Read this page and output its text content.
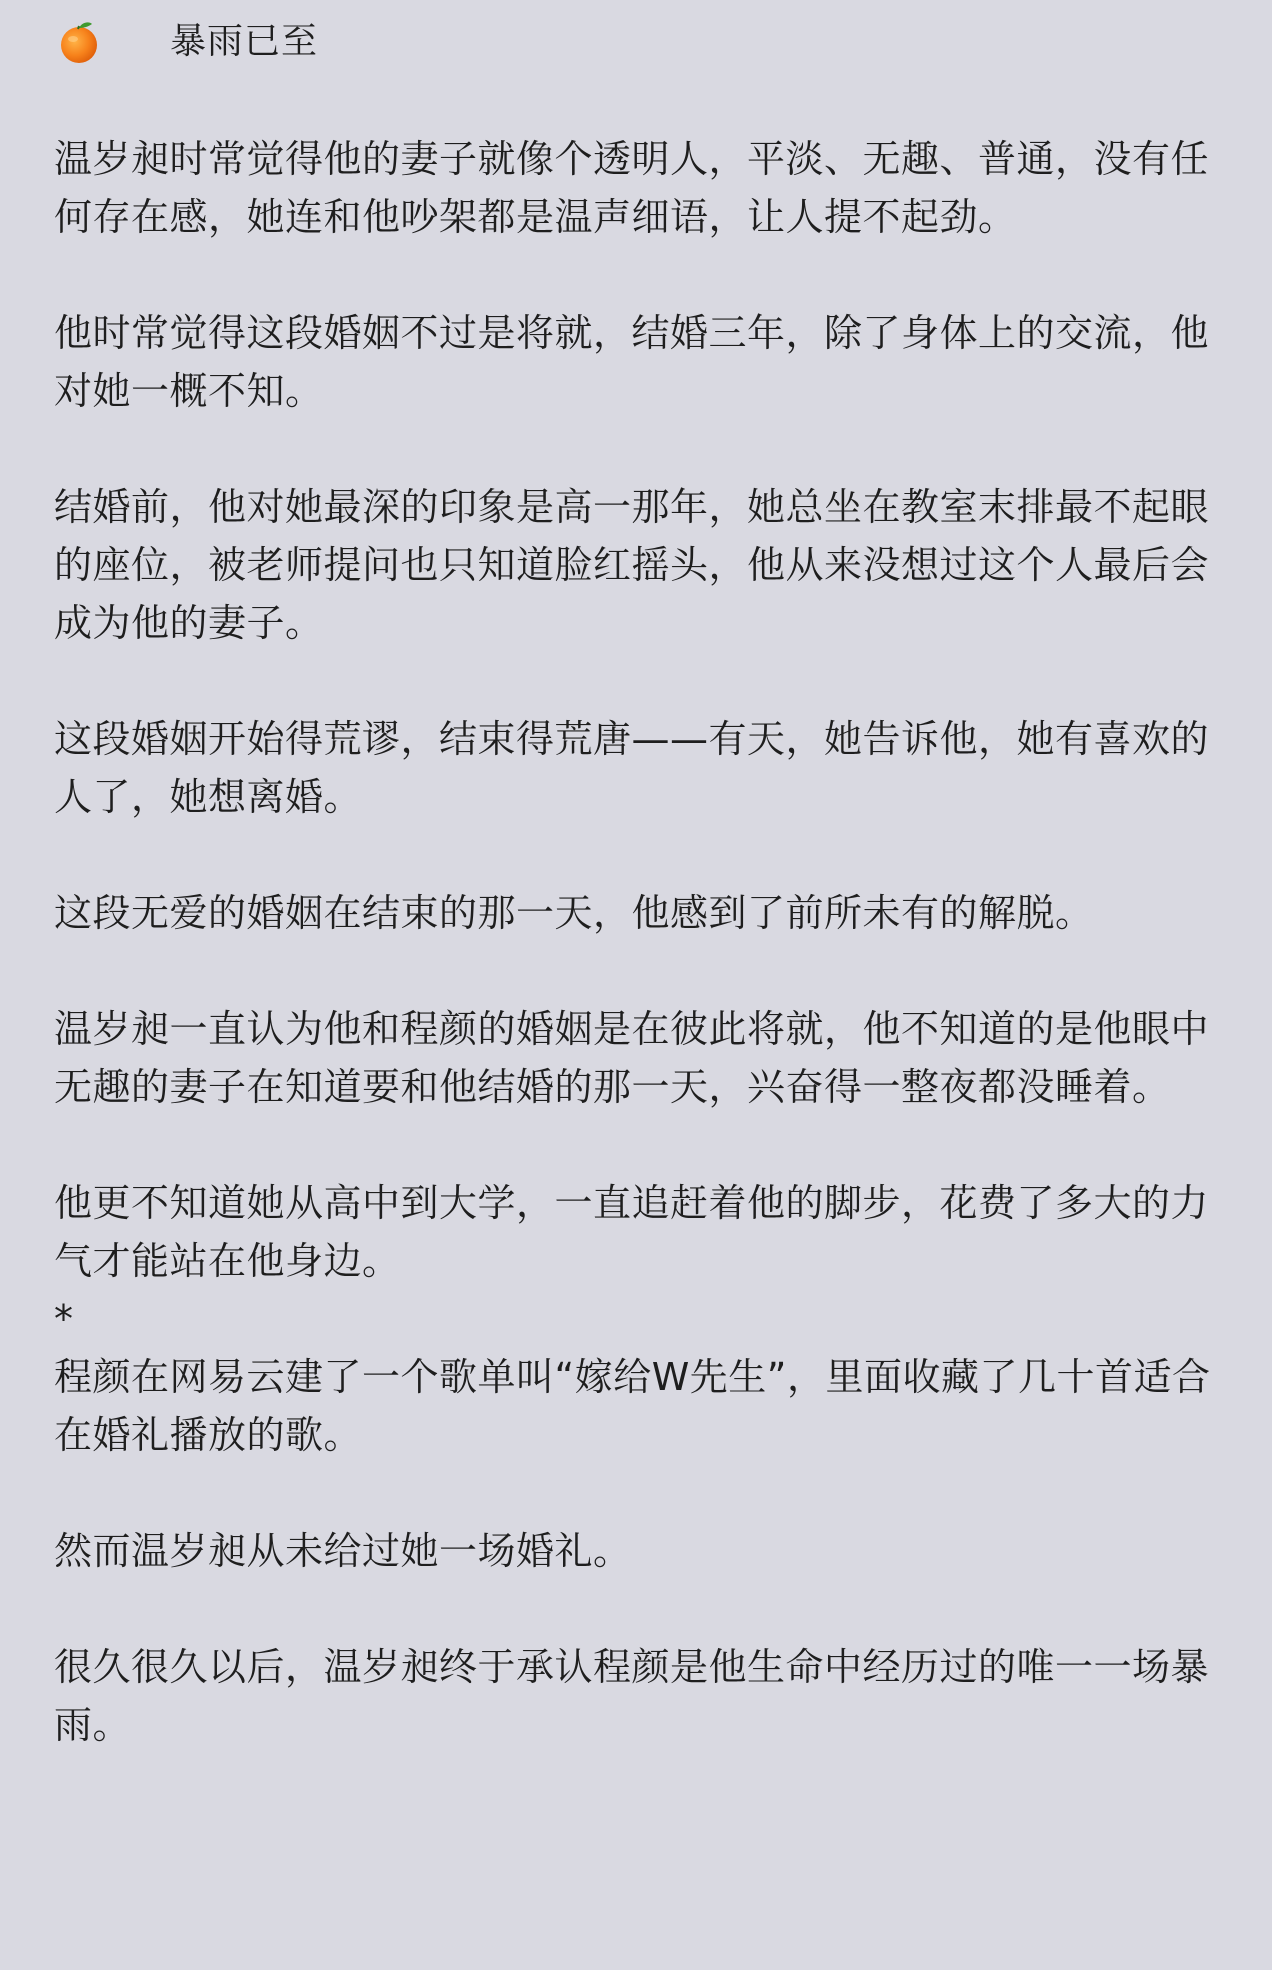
暴雨已至

温岁昶时常觉得他的妻子就像个透明人，平淡、无趣、普通，没有任何存在感，她连和他吵架都是温声细语，让人提不起劲。

他时常觉得这段婚姻不过是将就，结婚三年，除了身体上的交流，他对她一概不知。

结婚前，他对她最深的印象是高一那年，她总坐在教室末排最不起眼的座位，被老师提问也只知道脸红摇头，他从来没想过这个人最后会成为他的妻子。

这段婚姻开始得荒谬，结束得荒唐——有天，她告诉他，她有喜欢的人了，她想离婚。

这段无爱的婚姻在结束的那一天，他感到了前所未有的解脱。

温岁昶一直认为他和程颜的婚姻是在彼此将就，他不知道的是他眼中无趣的妻子在知道要和他结婚的那一天，兴奋得一整夜都没睡着。

他更不知道她从高中到大学，一直追赶着他的脚步，花费了多大的力气才能站在他身边。

*

程颜在网易云建了一个歌单叫“嫁给W先生”，里面收藏了几十首适合在婚礼播放的歌。

然而温岁昶从未给过她一场婚礼。

很久很久以后，温岁昶终于承认程颜是他生命中经历过的唯一一场暴雨。
